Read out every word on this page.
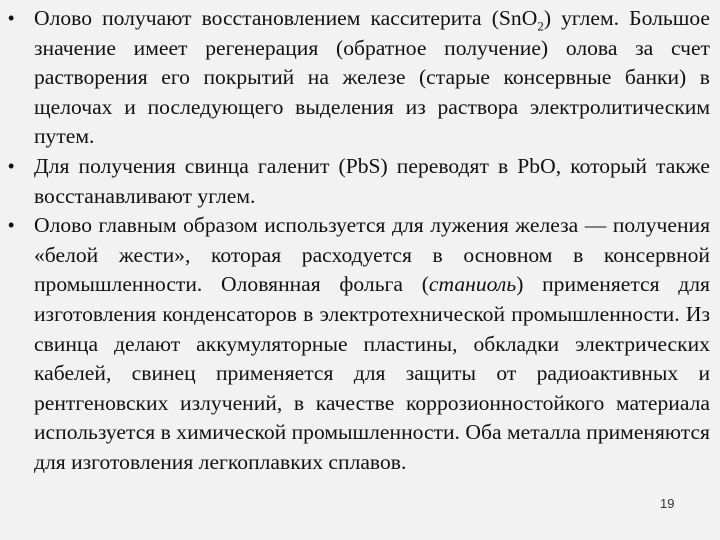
• Олово получают восстановлением касситерита (SnO$_2$) углем. Большое значение имеет регенерация (обратное получение) олова за счет растворения его покрытий на железе (старые консервные банки) в щелочах и последующего выделения из раствора электролитическим путем.
• Для получения свинца галенит (PbS) переводят в PbO, который также восстанавливают углем.
• Олово главным образом используется для лужения железа — получения «белой жести», которая расходуется в основном в консервной промышленности. Оловянная фольга (станиоль) применяется для изготовления конденсаторов в электротехнической промышленности. Из свинца делают аккумуляторные пластины, обкладки электрических кабелей, свинец применяется для защиты от радиоактивных и рентгеновских излучений, в качестве коррозионностойкого материала используется в химической промышленности. Оба металла применяются для изготовления легкоплавких сплавов.
19
